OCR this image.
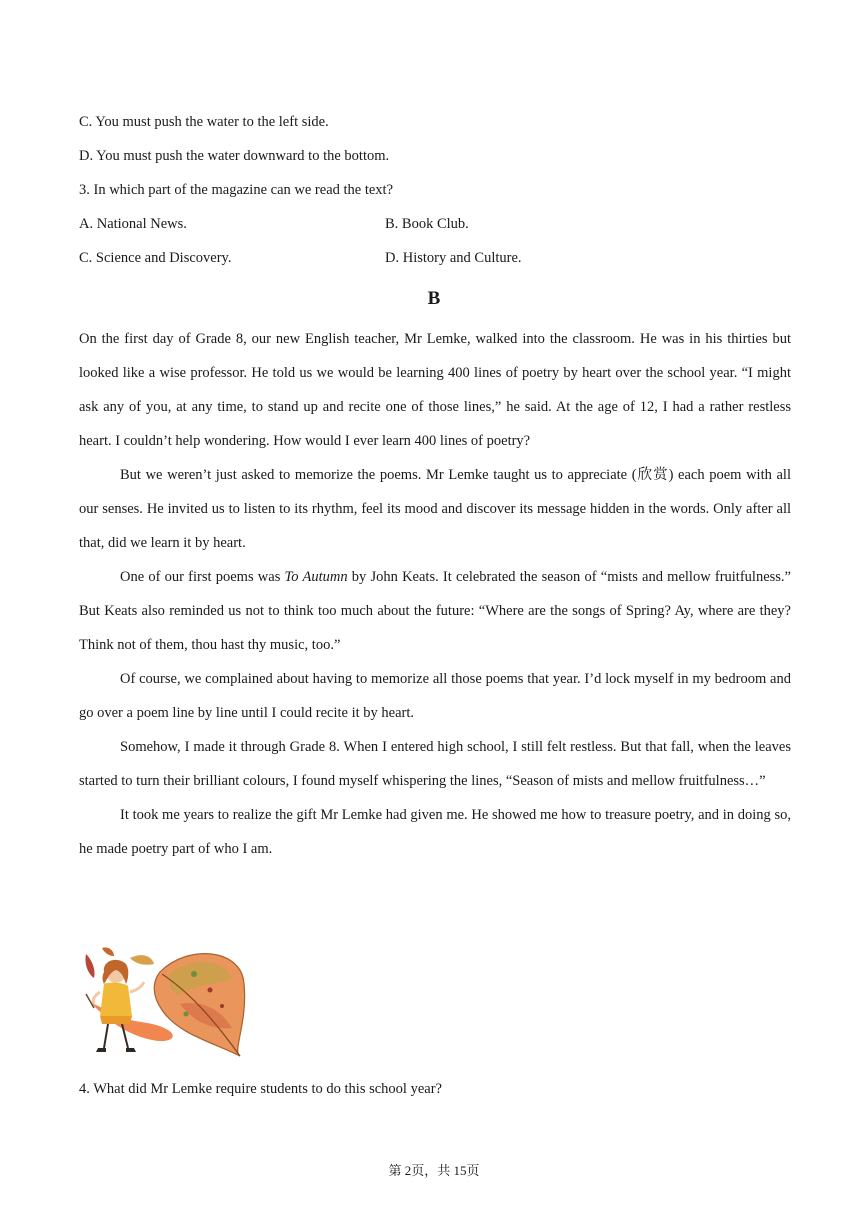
C. You must push the water to the left side.
D. You must push the water downward to the bottom.
3. In which part of the magazine can we read the text?
A. National News.	B. Book Club.
C. Science and Discovery.	D. History and Culture.
B

On the first day of Grade 8, our new English teacher, Mr Lemke, walked into the classroom. He was in his thirties but looked like a wise professor. He told us we would be learning 400 lines of poetry by heart over the school year. “I might ask any of you, at any time, to stand up and recite one of those lines,” he said. At the age of 12, I had a rather restless heart. I couldn’t help wondering. How would I ever learn 400 lines of poetry?

But we weren’t just asked to memorize the poems. Mr Lemke taught us to appreciate (欣赏) each poem with all our senses. He invited us to listen to its rhythm, feel its mood and discover its message hidden in the words. Only after all that, did we learn it by heart.

One of our first poems was To Autumn by John Keats. It celebrated the season of “mists and mellow fruitfulness.” But Keats also reminded us not to think too much about the future: “Where are the songs of Spring? Ay, where are they? Think not of them, thou hast thy music, too.”

Of course, we complained about having to memorize all those poems that year. I’d lock myself in my bedroom and go over a poem line by line until I could recite it by heart.

Somehow, I made it through Grade 8. When I entered high school, I still felt restless. But that fall, when the leaves started to turn their brilliant colours, I found myself whispering the lines, “Season of mists and mellow fruitfulness…”

It took me years to realize the gift Mr Lemke had given me. He showed me how to treasure poetry, and in doing so, he made poetry part of who I am.

4. What did Mr Lemke require students to do this school year?
第 2页，共 15页
